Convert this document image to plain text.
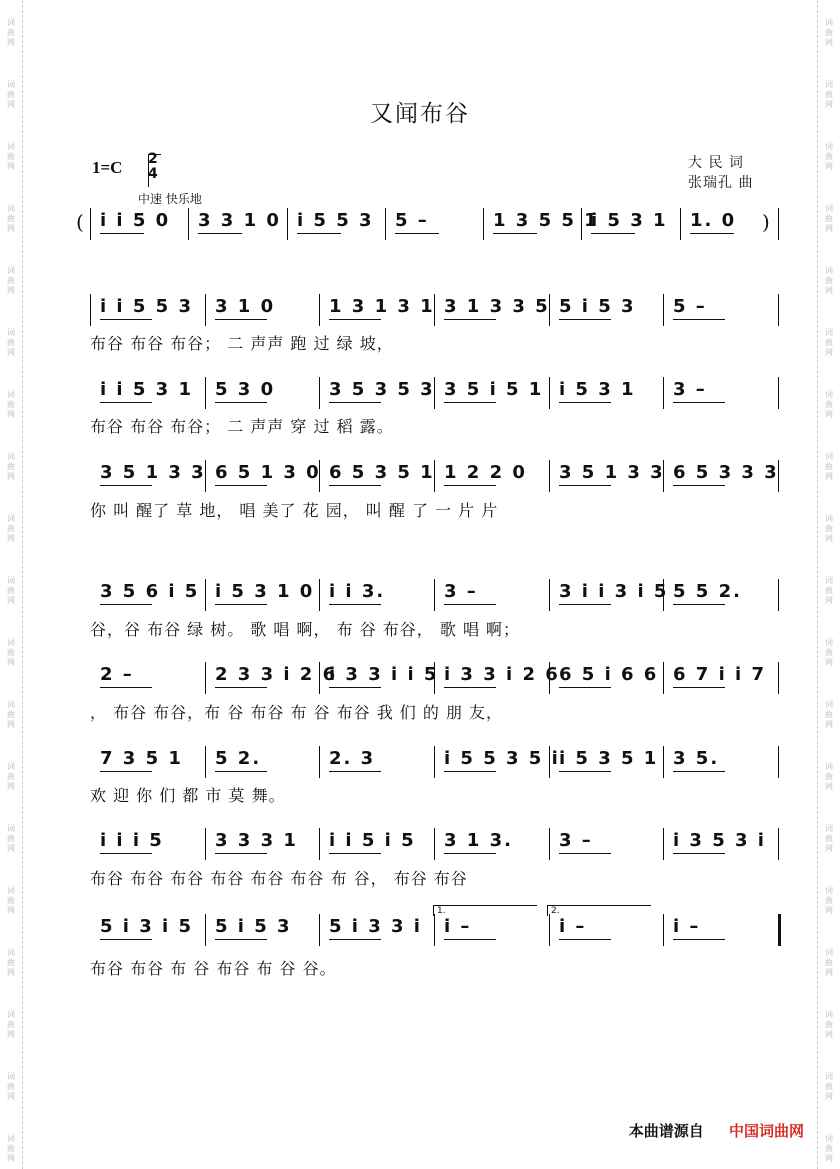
词
曲
网
词
曲
网
词
曲
网
词
曲
网
词
曲
网
词
曲
网
词
曲
网
词
曲
网
词
曲
网
词
曲
网
词
曲
网
词
曲
网
词
曲
网
词
曲
网
词
曲
网
词
曲
网
词
曲
网
词
曲
网
词
曲
网
词
曲
网
词
曲
网
词
曲
网
词
曲
网
词
曲
网
词
曲
网
词
曲
网
词
曲
网
词
曲
网
词
曲
网
词
曲
网
词
曲
网
词
曲
网
词
曲
网
词
曲
网
词
曲
网
词
曲
网
词
曲
网
词
曲
网
又闻布谷
1=C 2
4
中速 快乐地
大 民 词
张瑞孔 曲
i i 5 0 3 3 1 0 i 5 5 3 5 –	1 3 5 5 1
i 5 3 1 1. 0
(	)
i i 5 5 3 3 1 0	1 3 1 3 1 3 1 3 3 5 5 i 5 3 5 –
布谷 布谷 布谷； 二 声声 跑 过 绿 坡，
i i 5 3 1 5 3 0	3 5 3 5 3 3 5 i 5 1 i 5 3 1 3 –
布谷 布谷 布谷； 二 声声 穿 过 稻 露。
3 5 1 3 3 6 5 1 3 0 6 5 3 5 1 1 2 2 0 3 5 1 3 3 6 5 3 3 3
你 叫 醒了 草 地， 唱 美了 花 园， 叫 醒 了 一 片 片
3 5 6 i 5 i 5 3 1 0 i i 3.	3 –	3 i i 3 i 5 5 5 2.
谷，谷 布谷 绿 树。 歌 唱 啊， 布 谷 布谷， 歌 唱 啊；
2 –	2 3 3 i 2 6
i 3 3 i i 5 i 3 3 i 2 6 6 5 i 6 6 6 7 i i 7
， 布谷 布谷，布 谷 布谷 布 谷 布谷 我 们 的 朋 友，
7 3 5 1 5 2.	2. 3	i 5 5 3 5 i i 5 3 5 1 3 5.
欢 迎 你 们 都 市 莫 舞。
i i i 5	3 3 3 1 i i 5 i 5 3 1 3.	3 –	i 3 5 3 i
布谷 布谷 布谷 布谷 布谷 布谷 布 谷， 布谷 布谷
5 i 3 i 5 5 i 5 3 5 i 3 3 i i –	i –	i –
布谷 布谷 布 谷 布谷 布 谷 谷。
1.	2.
本曲谱源自 中国词曲网
